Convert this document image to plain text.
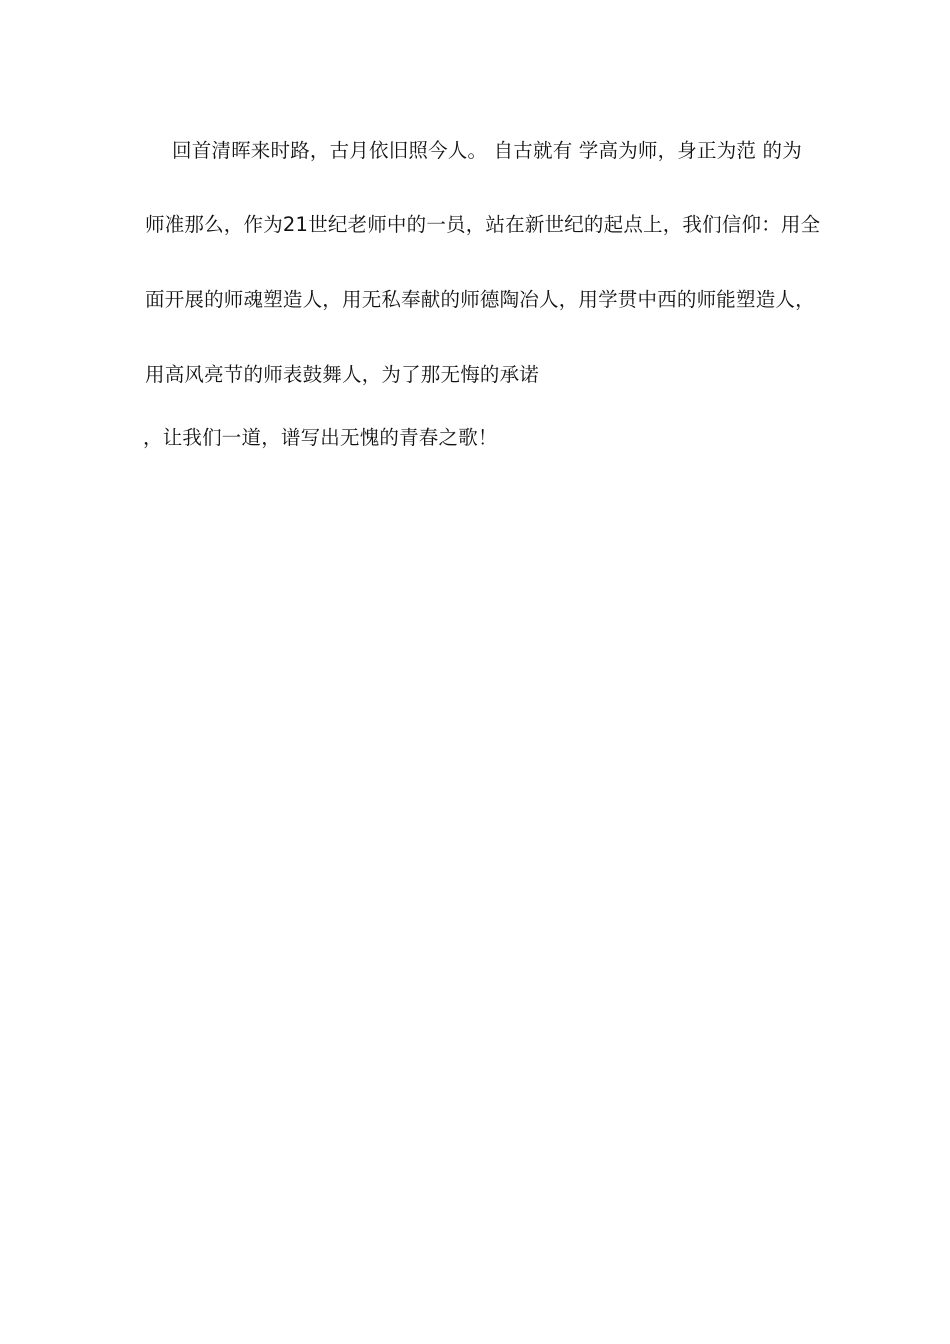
回首清晖来时路，古月依旧照今人。 自古就有 学高为师，身正为范 的为
师准那么，作为21世纪老师中的一员，站在新世纪的起点上，我们信仰：用全
面开展的师魂塑造人，用无私奉献的师德陶冶人，用学贯中西的师能塑造人，
用高风亮节的师表鼓舞人，为了那无悔的承诺
，让我们一道，谱写出无愧的青春之歌！
